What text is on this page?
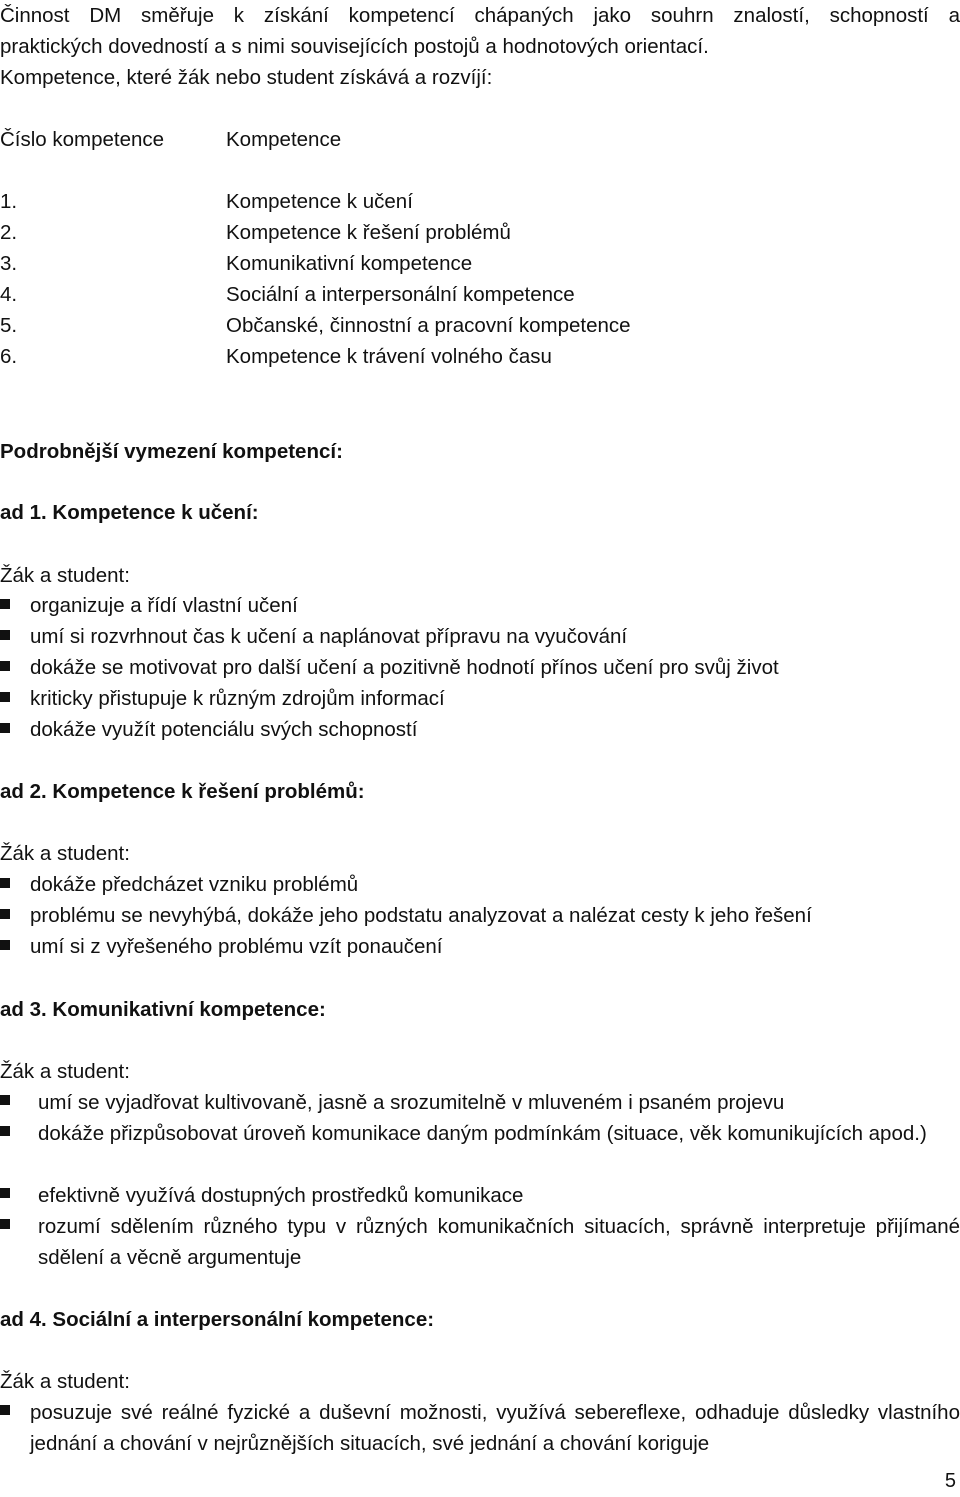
Činnost DM směřuje k získání kompetencí chápaných jako souhrn znalostí, schopností a
praktických dovedností a s nimi souvisejících postojů a hodnotových orientací.
Kompetence, které žák nebo student získává a rozvíjí:
Číslo kompetence	Kompetence
1.	Kompetence k učení
2.	Kompetence k řešení problémů
3.	Komunikativní kompetence
4.	Sociální a interpersonální kompetence
5.	Občanské, činnostní a pracovní kompetence
6.	Kompetence k trávení volného času
Podrobnější vymezení kompetencí:
ad 1. Kompetence k učení:
Žák a student:
organizuje a řídí vlastní učení
umí si rozvrhnout čas k učení a naplánovat přípravu na vyučování
dokáže se motivovat pro další učení a pozitivně hodnotí přínos učení pro svůj život
kriticky přistupuje k různým zdrojům informací
dokáže využít potenciálu svých schopností
ad 2. Kompetence k řešení problémů:
Žák a student:
dokáže předcházet vzniku problémů
problému se nevyhýbá, dokáže jeho podstatu analyzovat a nalézat cesty k jeho řešení
umí si z vyřešeného problému vzít ponaučení
ad 3. Komunikativní kompetence:
Žák a student:
umí se vyjadřovat kultivovaně, jasně a srozumitelně v mluveném i psaném projevu
dokáže přizpůsobovat úroveň komunikace daným podmínkám (situace, věk komunikujících apod.)
efektivně využívá dostupných prostředků komunikace
rozumí sdělením různého typu v různých komunikačních situacích, správně interpretuje přijímané sdělení a věcně argumentuje
ad 4. Sociální a interpersonální kompetence:
Žák a student:
posuzuje své reálné fyzické a duševní možnosti, využívá sebereflexe, odhaduje důsledky vlastního jednání a chování v nejrůznějších situacích, své jednání a chování koriguje
5
